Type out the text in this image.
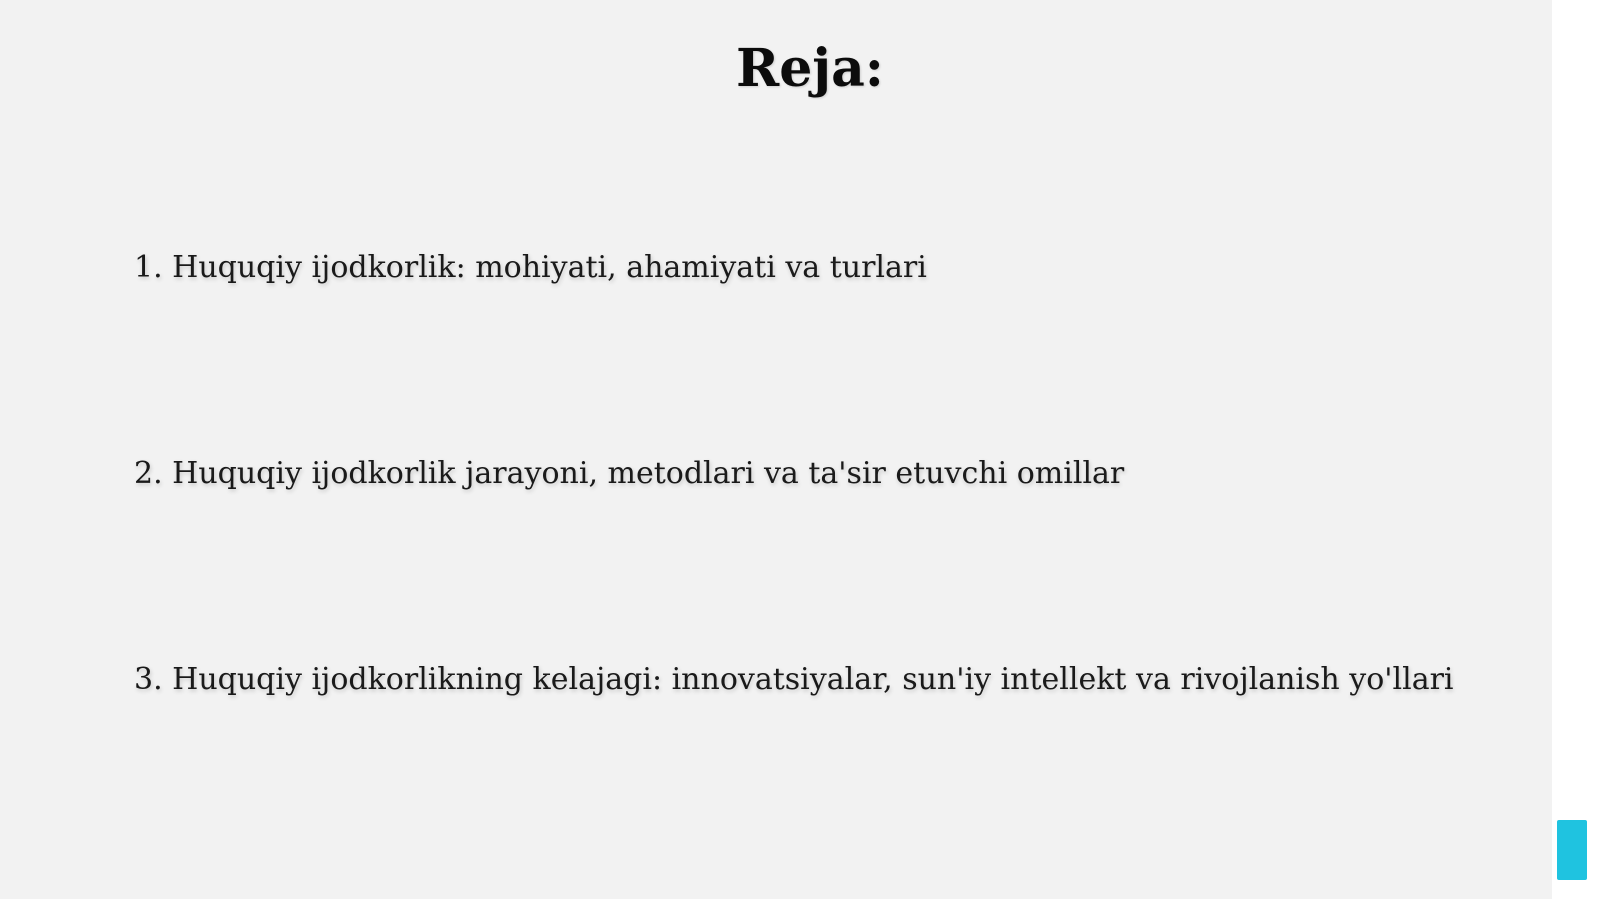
Reja:

1. Huquqiy ijodkorlik: mohiyati, ahamiyati va turlari

2. Huquqiy ijodkorlik jarayoni, metodlari va ta'sir etuvchi omillar

3. Huquqiy ijodkorlikning kelajagi: innovatsiyalar, sun'iy intellekt va rivojlanish yo'llari
